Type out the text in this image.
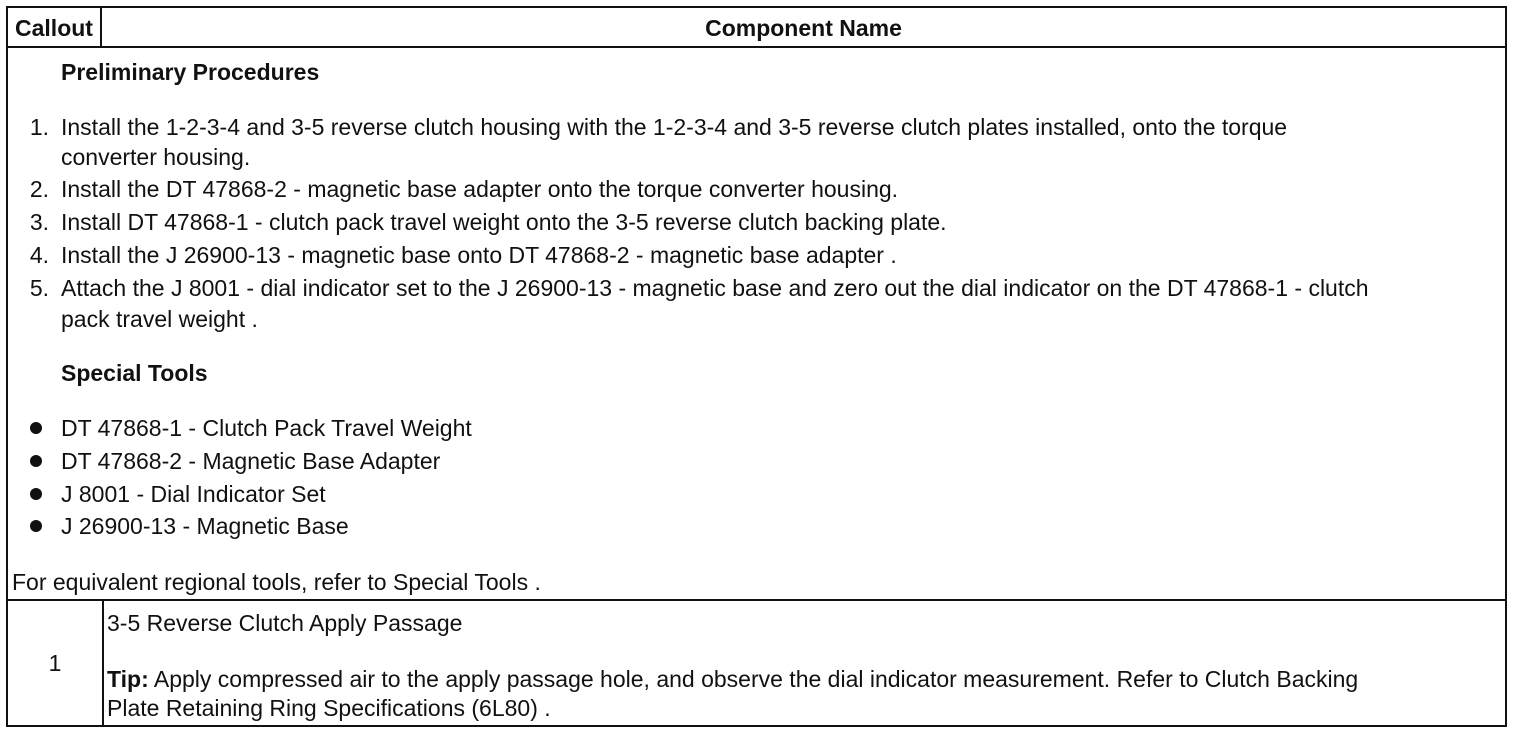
Callout	Component Name
Preliminary Procedures
1. Install the 1-2-3-4 and 3-5 reverse clutch housing with the 1-2-3-4 and 3-5 reverse clutch plates installed, onto the torque
converter housing.
2. Install the DT 47868-2 - magnetic base adapter onto the torque converter housing.
3. Install DT 47868-1 - clutch pack travel weight onto the 3-5 reverse clutch backing plate.
4. Install the J 26900-13 - magnetic base onto DT 47868-2 - magnetic base adapter .
5. Attach the J 8001 - dial indicator set to the J 26900-13 - magnetic base and zero out the dial indicator on the DT 47868-1 - clutch
pack travel weight .
Special Tools
DT 47868-1 - Clutch Pack Travel Weight
DT 47868-2 - Magnetic Base Adapter
J 8001 - Dial Indicator Set
J 26900-13 - Magnetic Base
For equivalent regional tools, refer to Special Tools .
1
3-5 Reverse Clutch Apply Passage
Tip: Apply compressed air to the apply passage hole, and observe the dial indicator measurement. Refer to Clutch Backing
Plate Retaining Ring Specifications (6L80) .
